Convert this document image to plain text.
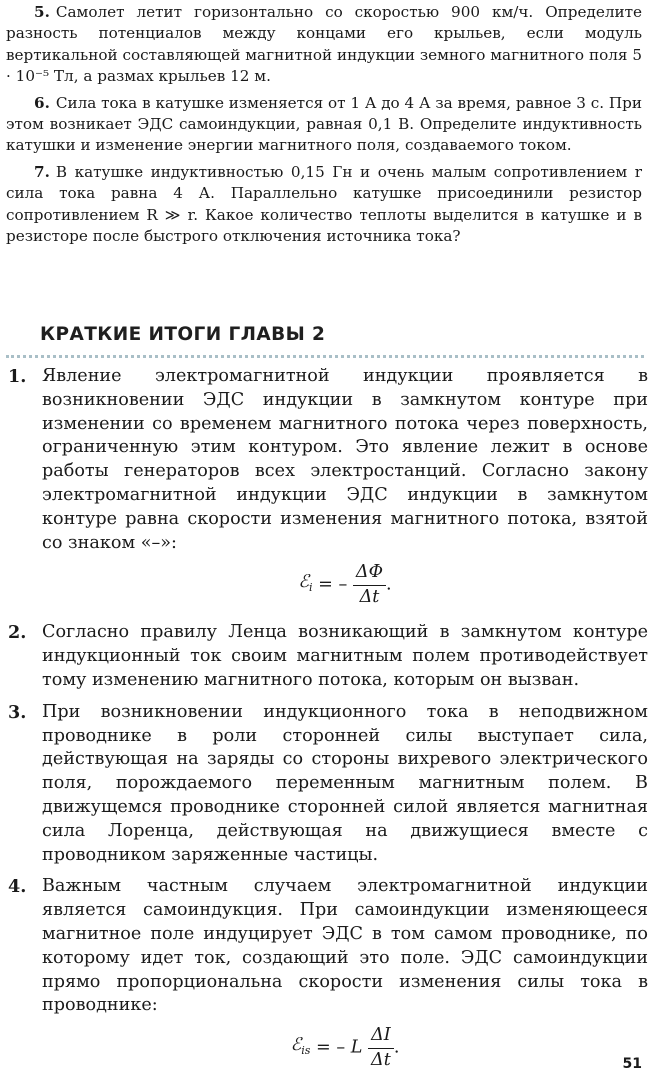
5. Самолет летит горизонтально со скоростью 900 км/ч. Определите разность потенциалов между концами его крыльев, если модуль вертикальной составляющей магнитной индукции земного магнитного поля 5 · 10⁻⁵ Тл, а размах крыльев 12 м.

6. Сила тока в катушке изменяется от 1 А до 4 А за время, равное 3 с. При этом возникает ЭДС самоиндукции, равная 0,1 В. Определите индуктивность катушки и изменение энергии магнитного поля, создаваемого током.

7. В катушке индуктивностью 0,15 Гн и очень малым сопротивлением r сила тока равна 4 А. Параллельно катушке присоединили резистор сопротивлением R ≫ r. Какое количество теплоты выделится в катушке и в резисторе после быстрого отключения источника тока?

КРАТКИЕ ИТОГИ ГЛАВЫ 2
1. Явление электромагнитной индукции проявляется в возникновении ЭДС индукции в замкнутом контуре при изменении со временем магнитного потока через поверхность, ограниченную этим контуром. Это явление лежит в основе работы генераторов всех электростанций. Согласно закону электромагнитной индукции ЭДС индукции в замкнутом контуре равна скорости изменения магнитного потока, взятой со знаком «–»:
ℰ$_i$ = – $\frac{\Delta\Phi}{\Delta t}$ .
2. Согласно правилу Ленца возникающий в замкнутом контуре индукционный ток своим магнитным полем противодействует тому изменению магнитного потока, которым он вызван.
3. При возникновении индукционного тока в неподвижном проводнике в роли сторонней силы выступает сила, действующая на заряды со стороны вихревого электрического поля, порождаемого переменным магнитным полем. В движущемся проводнике сторонней силой является магнитная сила Лоренца, действующая на движущиеся вместе с проводником заряженные частицы.
4. Важным частным случаем электромагнитной индукции является самоиндукция. При самоиндукции изменяющееся магнитное поле индуцирует ЭДС в том самом проводнике, по которому идет ток, создающий это поле. ЭДС самоиндукции прямо пропорциональна скорости изменения силы тока в проводнике:
ℰ$_{is}$ = – L $\frac{\Delta I}{\Delta t}$ .
51
